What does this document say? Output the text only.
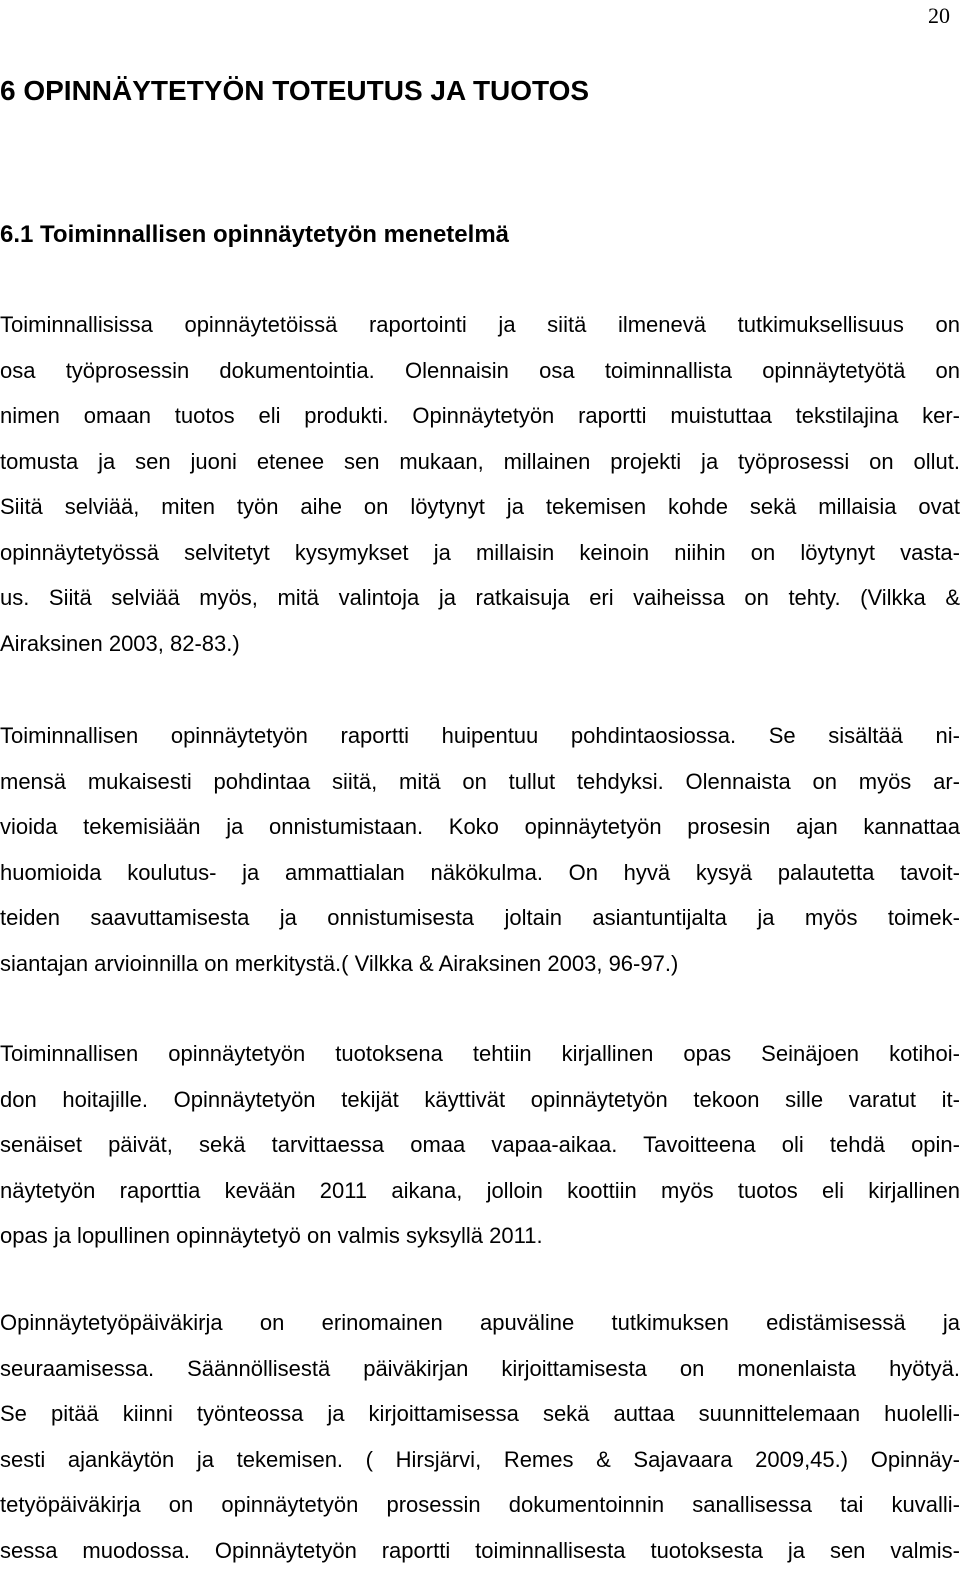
20
6 OPINNÄYTETYÖN TOTEUTUS JA TUOTOS
6.1 Toiminnallisen opinnäytetyön menetelmä
Toiminnallisissa opinnäytetöissä raportointi ja siitä ilmenevä tutkimuksellisuus on
osa työprosessin dokumentointia. Olennaisin osa toiminnallista opinnäytetyötä on
nimen omaan tuotos eli produkti. Opinnäytetyön raportti muistuttaa tekstilajina ker-
tomusta ja sen juoni etenee sen mukaan, millainen projekti ja työprosessi on ollut.
Siitä selviää, miten työn aihe on löytynyt ja tekemisen kohde sekä millaisia ovat
opinnäytetyössä selvitetyt kysymykset ja millaisin keinoin niihin on löytynyt vasta-
us. Siitä selviää myös, mitä valintoja ja ratkaisuja eri vaiheissa on tehty. (Vilkka &
Airaksinen 2003, 82-83.)
Toiminnallisen opinnäytetyön raportti huipentuu pohdintaosiossa. Se sisältää ni-
mensä mukaisesti pohdintaa siitä, mitä on tullut tehdyksi. Olennaista on myös ar-
vioida tekemisiään ja onnistumistaan. Koko opinnäytetyön prosesin ajan kannattaa
huomioida koulutus- ja ammattialan näkökulma. On hyvä kysyä palautetta tavoit-
teiden saavuttamisesta ja onnistumisesta joltain asiantuntijalta ja myös toimek-
siantajan arvioinnilla on merkitystä.( Vilkka & Airaksinen 2003, 96-97.)
Toiminnallisen opinnäytetyön tuotoksena tehtiin kirjallinen opas Seinäjoen kotihoi-
don hoitajille. Opinnäytetyön tekijät käyttivät opinnäytetyön tekoon sille varatut it-
senäiset päivät, sekä tarvittaessa omaa vapaa-aikaa. Tavoitteena oli tehdä opin-
näytetyön raporttia kevään 2011 aikana, jolloin koottiin myös tuotos eli kirjallinen
opas ja lopullinen opinnäytetyö on valmis syksyllä 2011.
Opinnäytetyöpäiväkirja on erinomainen apuväline tutkimuksen edistämisessä ja
seuraamisessa. Säännöllisestä päiväkirjan kirjoittamisesta on monenlaista hyötyä.
Se pitää kiinni työnteossa ja kirjoittamisessa sekä auttaa suunnittelemaan huolelli-
sesti ajankäytön ja tekemisen. ( Hirsjärvi, Remes & Sajavaara 2009,45.) Opinnäy-
tetyöpäiväkirja on opinnäytetyön prosessin dokumentoinnin sanallisessa tai kuvalli-
sessa muodossa. Opinnäytetyön raportti toiminnallisesta tuotoksesta ja sen valmis-
